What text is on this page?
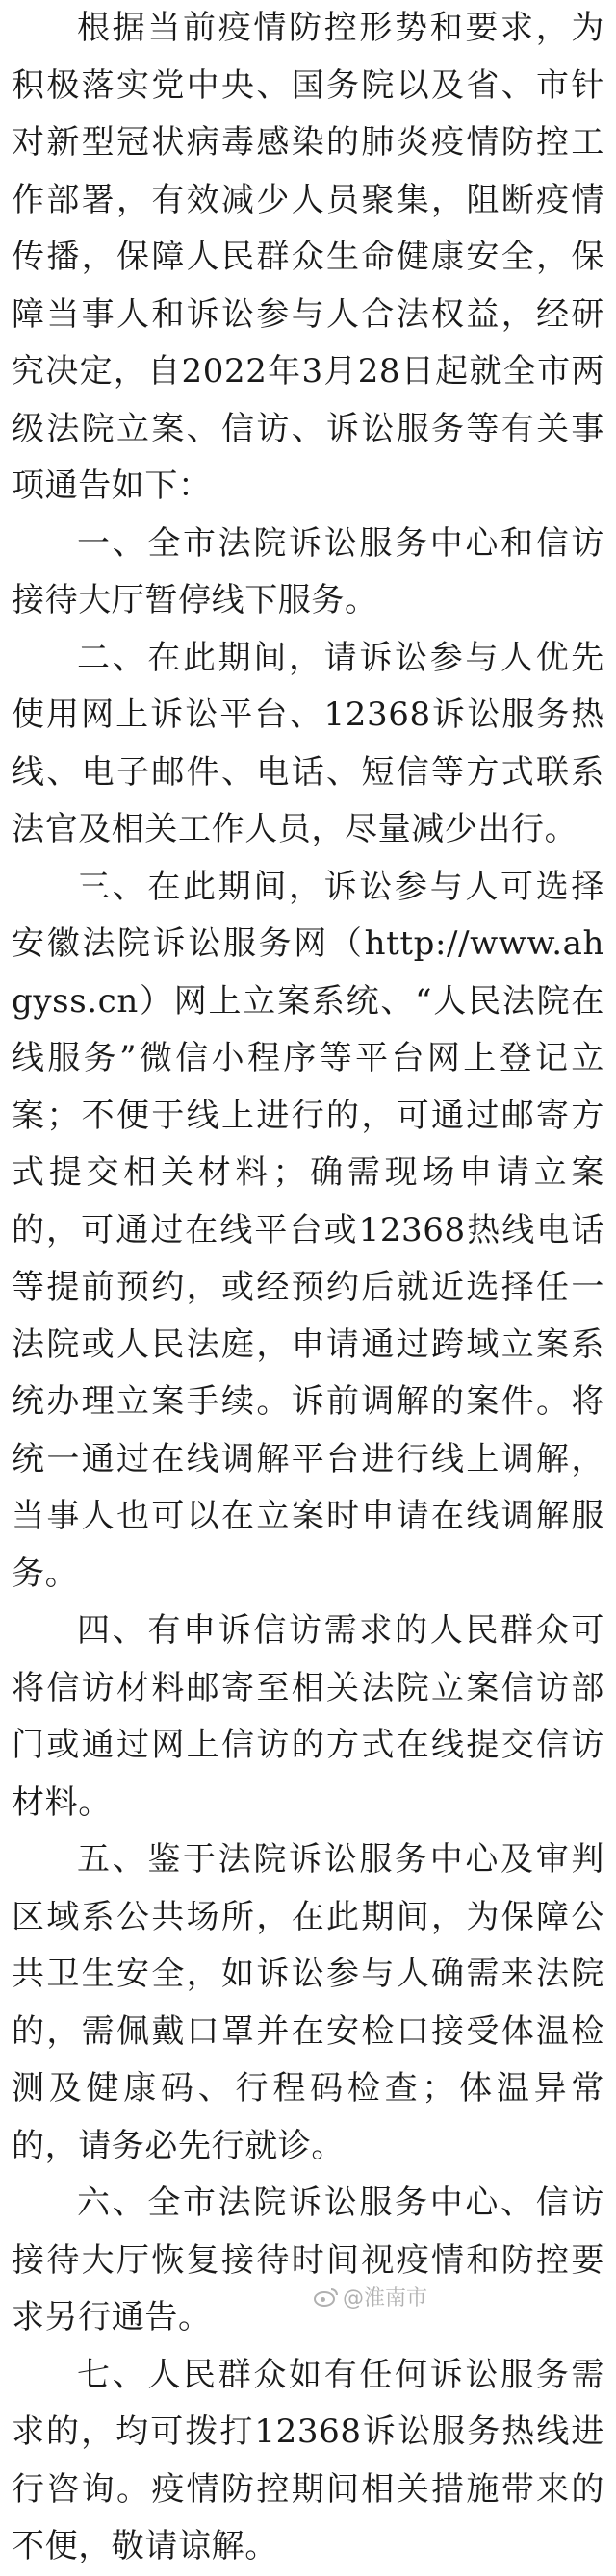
根据当前疫情防控形势和要求，为积极落实党中央、国务院以及省、市针对新型冠状病毒感染的肺炎疫情防控工作部署，有效减少人员聚集，阻断疫情传播，保障人民群众生命健康安全，保障当事人和诉讼参与人合法权益，经研究决定，自2022年3月28日起就全市两级法院立案、信访、诉讼服务等有关事项通告如下：

一、全市法院诉讼服务中心和信访接待大厅暂停线下服务。

二、在此期间，请诉讼参与人优先使用网上诉讼平台、12368诉讼服务热线、电子邮件、电话、短信等方式联系法官及相关工作人员，尽量减少出行。

三、在此期间，诉讼参与人可选择安徽法院诉讼服务网（http://www.ahgyss.cn）网上立案系统、“人民法院在线服务”微信小程序等平台网上登记立案；不便于线上进行的，可通过邮寄方式提交相关材料；确需现场申请立案的，可通过在线平台或12368热线电话等提前预约，或经预约后就近选择任一法院或人民法庭，申请通过跨域立案系统办理立案手续。诉前调解的案件。将统一通过在线调解平台进行线上调解，当事人也可以在立案时申请在线调解服务。

四、有申诉信访需求的人民群众可将信访材料邮寄至相关法院立案信访部门或通过网上信访的方式在线提交信访材料。

五、鉴于法院诉讼服务中心及审判区域系公共场所，在此期间，为保障公共卫生安全，如诉讼参与人确需来法院的，需佩戴口罩并在安检口接受体温检测及健康码、行程码检查；体温异常的，请务必先行就诊。

六、全市法院诉讼服务中心、信访接待大厅恢复接待时间视疫情和防控要求另行通告。

七、人民群众如有任何诉讼服务需求的，均可拨打12368诉讼服务热线进行咨询。疫情防控期间相关措施带来的不便，敬请谅解。

@淮南市
